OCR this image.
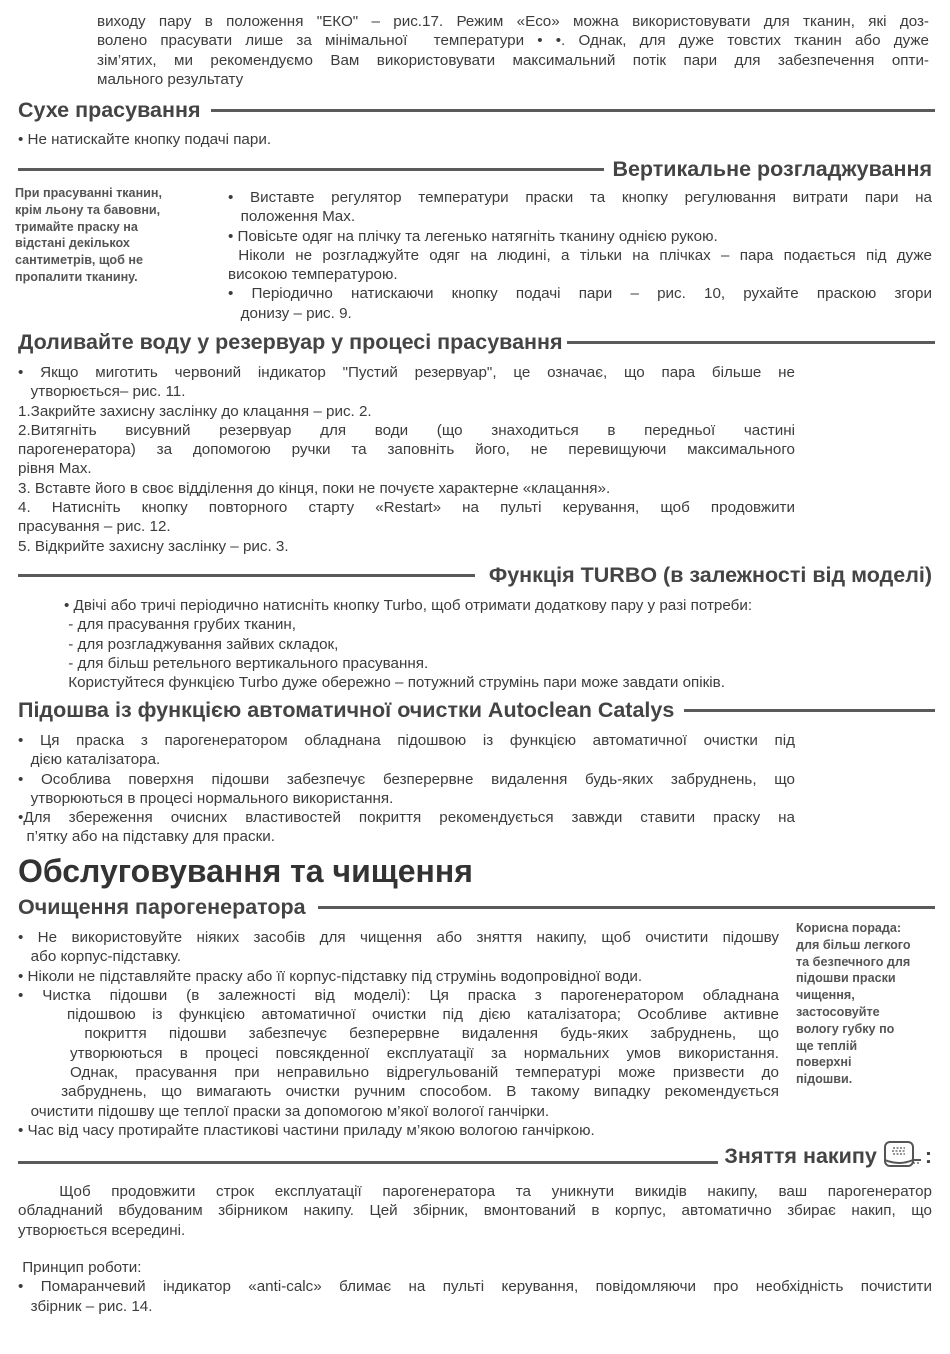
виходу пару в положення "ЕКО" – рис.17. Режим «Eco» можна використовувати для тканин, які доз-
волено прасувати лише за мінімальної  температури • •. Однак, для дуже товстих тканин або дуже
зім’ятих, ми рекомендуємо Вам використовувати максимальний потік пари для забезпечення опти-
мального результату
Сухе прасування
• Не натискайте кнопку подачі пари.
Вертикальне розгладжування
При прасуванні тканин,
крім льону та бавовни,
тримайте праску на
відстані декількох
сантиметрів, щоб не
пропалити тканину.
• Виставте регулятор температури праски та кнопку регулювання витрати пари на
положення Max.
• Повісьте одяг на плічку та легенько натягніть тканину однією рукою.
Ніколи не розгладжуйте одяг на людині, а тільки на плічках – пара подається під дуже
високою температурою.
• Періодично натискаючи кнопку подачі пари – рис. 10, рухайте праскою згори
донизу – рис. 9.
Доливайте воду у резервуар у процесі прасування
• Якщо миготить червоний індикатор "Пустий резервуар", це означає, що пара більше не
утворюється– рис. 11.
1.Закрийте захисну заслінку до клацання – рис. 2.
2.Витягніть висувний резервуар для води (що знаходиться в передньої частині
парогенератора) за допомогою ручки та заповніть його, не перевищуючи максимального
рівня Max.
3. Вставте його в своє відділення до кінця, поки не почуєте характерне «клацання».
4. Натисніть кнопку повторного старту «Restart» на пульті керування, щоб продовжити
прасування – рис. 12.
5. Відкрийте захисну заслінку – рис. 3.
Функція TURBO (в залежності від моделі)
• Двічі або тричі періодично натисніть кнопку Turbo, щоб отримати додаткову пару у разі потреби:
- для прасування грубих тканин,
- для розгладжування зайвих складок,
- для більш ретельного вертикального прасування.
Користуйтеся функцією Turbo дуже обережно – потужний струмінь пари може завдати опіків.
Підошва із функцією автоматичної очистки Autoclean Catalys
• Ця праска з парогенератором обладнана підошвою із функцією автоматичної очистки під
дією каталізатора.
• Особлива поверхня підошви забезпечує безперервне видалення будь-яких забруднень, що
утворюються в процесі нормального використання.
•Для збереження очисних властивостей покриття рекомендується завжди ставити праску на
п’ятку або на підставку для праски.
Обслуговування та чищення
Очищення парогенератора
Корисна порада:
для більш легкого
та безпечного для
підошви праски
чищення,
застосовуйте
вологу губку по
ще теплій
поверхні
підошви.
• Не використовуйте ніяких засобів для чищення або зняття накипу, щоб очистити підошву
або корпус-підставку.
• Ніколи не підставляйте праску або її корпус-підставку під струмінь водопровідної води.
• Чистка підошви (в залежності від моделі): Ця праска з парогенератором обладнана
підошвою із функцією автоматичної очистки під дією каталізатора; Особливе активне
покриття підошви забезпечує безперервне видалення будь-яких забруднень, що
утворюються в процесі повсякденної експлуатації за нормальних умов використання.
Однак, прасування при неправильно відрегульованій температурі може призвести до
забруднень, що вимагають очистки ручним способом. В такому випадку рекомендується
очистити підошву ще теплої праски за допомогою м’якої вологої ганчірки.
• Час від часу протирайте пластикові частини приладу м’якою вологою ганчіркою.
Зняття накипу :
Щоб продовжити строк експлуатації парогенератора та уникнути викидів накипу, ваш парогенератор
обладнаний вбудованим збірником накипу. Цей збірник, вмонтований в корпус, автоматично збирає накип, що
утворюється всередині.
Принцип роботи:
• Помаранчевий індикатор «anti-calc» блимає на пульті керування, повідомляючи про необхідність почистити
збірник – рис. 14.
